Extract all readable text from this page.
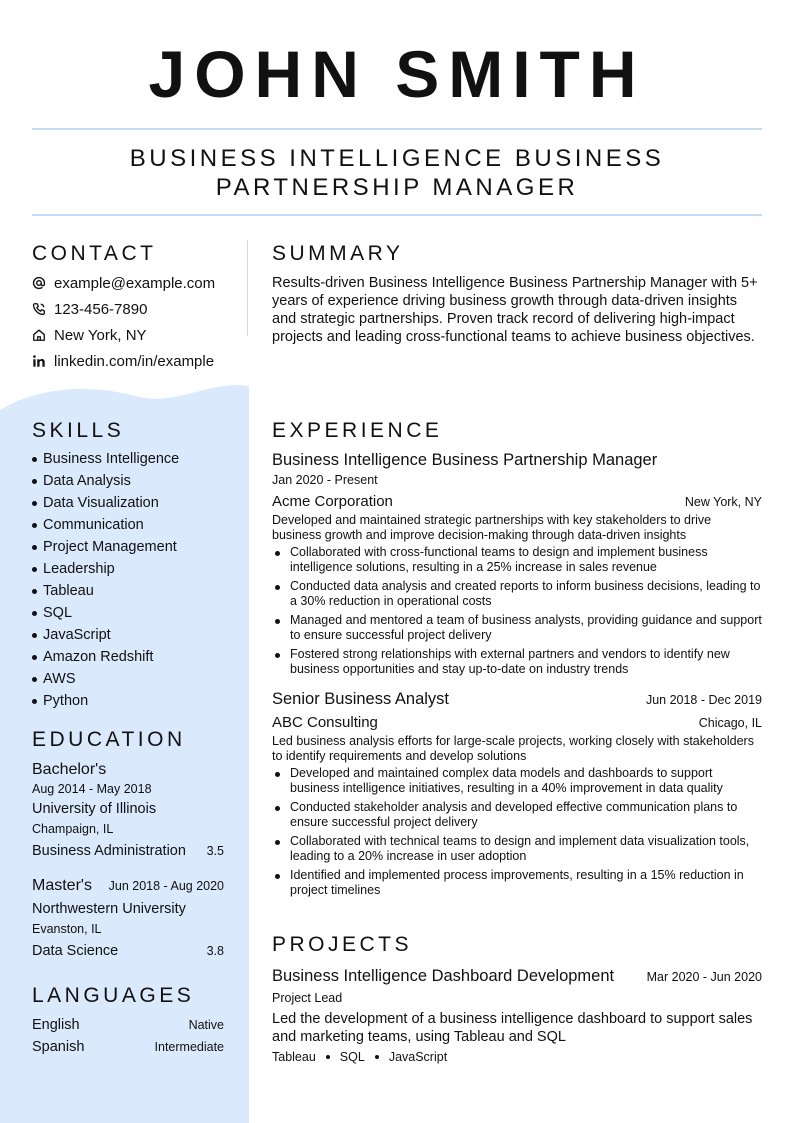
JOHN SMITH
BUSINESS INTELLIGENCE BUSINESS
PARTNERSHIP MANAGER
CONTACT
example@example.com
123-456-7890
New York, NY
linkedin.com/in/example
SKILLS
Business Intelligence
Data Analysis
Data Visualization
Communication
Project Management
Leadership
Tableau
SQL
JavaScript
Amazon Redshift
AWS
Python
EDUCATION
Bachelor's
Aug 2014 - May 2018
University of Illinois
Champaign, IL
Business Administration 3.5
Master's Jun 2018 - Aug 2020
Northwestern University
Evanston, IL
Data Science	3.8
LANGUAGES
English	Native
Spanish	Intermediate
SUMMARY

Results-driven Business Intelligence Business Partnership Manager with 5+ years of experience driving business growth through data-driven insights and strategic partnerships. Proven track record of delivering high-impact projects and leading cross-functional teams to achieve business objectives.

EXPERIENCE
Business Intelligence Business Partnership Manager
Jan 2020 - Present
Acme Corporation	New York, NY
Developed and maintained strategic partnerships with key stakeholders to drive business growth and improve decision-making through data-driven insights
Collaborated with cross-functional teams to design and implement business intelligence solutions, resulting in a 25% increase in sales revenue
Conducted data analysis and created reports to inform business decisions, leading to a 30% reduction in operational costs
Managed and mentored a team of business analysts, providing guidance and support to ensure successful project delivery
Fostered strong relationships with external partners and vendors to identify new business opportunities and stay up-to-date on industry trends
Senior Business Analyst	Jun 2018 - Dec 2019
ABC Consulting	Chicago, IL
Led business analysis efforts for large-scale projects, working closely with stakeholders to identify requirements and develop solutions
Developed and maintained complex data models and dashboards to support business intelligence initiatives, resulting in a 40% improvement in data quality
Conducted stakeholder analysis and developed effective communication plans to ensure successful project delivery
Collaborated with technical teams to design and implement data visualization tools, leading to a 20% increase in user adoption
Identified and implemented process improvements, resulting in a 15% reduction in project timelines
PROJECTS
Business Intelligence Dashboard Development	Mar 2020 - Jun 2020
Project Lead
Led the development of a business intelligence dashboard to support sales and marketing teams, using Tableau and SQL
Tableau SQL JavaScript
